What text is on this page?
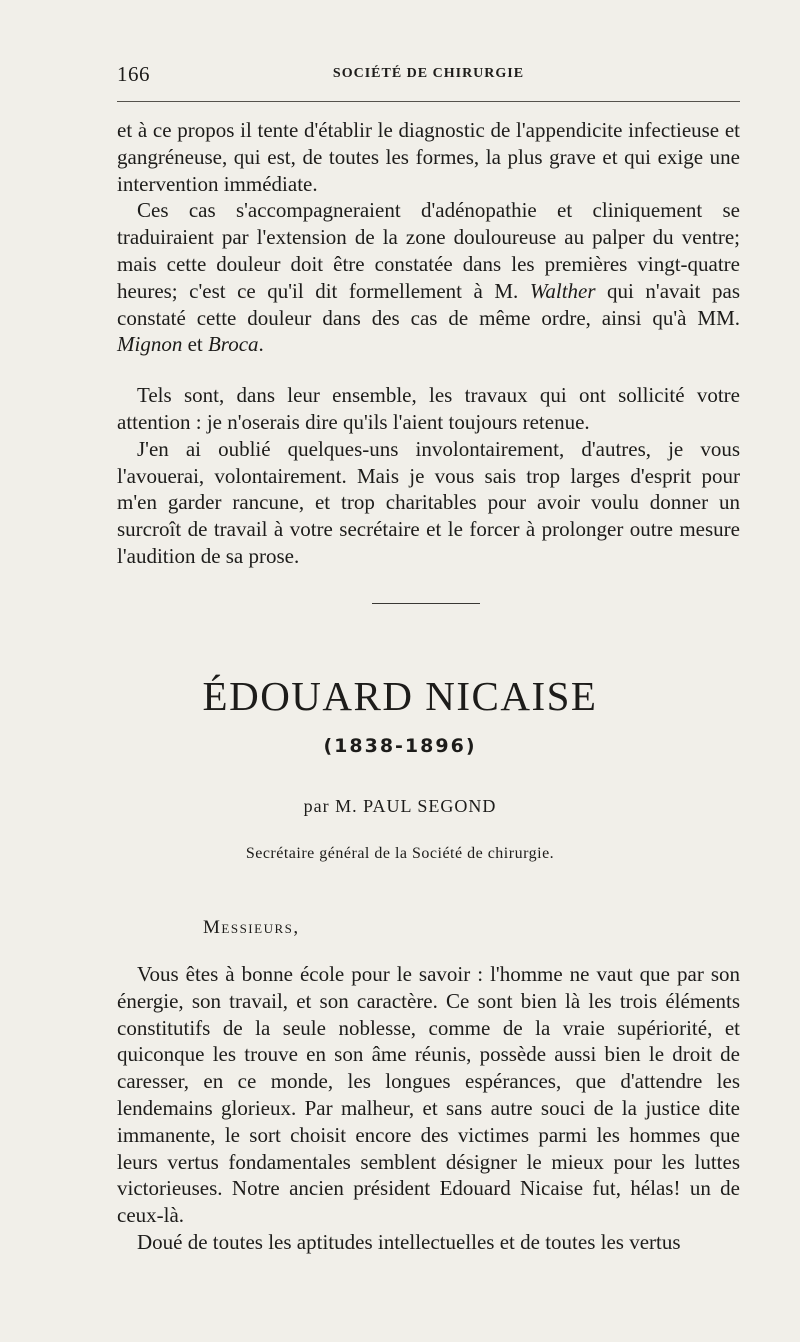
166	SOCIÉTÉ DE CHIRURGIE

et à ce propos il tente d'établir le diagnostic de l'appendicite infectieuse et gangréneuse, qui est, de toutes les formes, la plus grave et qui exige une intervention immédiate.

Ces cas s'accompagneraient d'adénopathie et cliniquement se traduiraient par l'extension de la zone douloureuse au palper du ventre; mais cette douleur doit être constatée dans les premières vingt-quatre heures; c'est ce qu'il dit formellement à M. Walther qui n'avait pas constaté cette douleur dans des cas de même ordre, ainsi qu'à MM. Mignon et Broca.

Tels sont, dans leur ensemble, les travaux qui ont sollicité votre attention : je n'oserais dire qu'ils l'aient toujours retenue.

J'en ai oublié quelques-uns involontairement, d'autres, je vous l'avouerai, volontairement. Mais je vous sais trop larges d'esprit pour m'en garder rancune, et trop charitables pour avoir voulu donner un surcroît de travail à votre secrétaire et le forcer à prolonger outre mesure l'audition de sa prose.

ÉDOUARD NICAISE
(1838-1896)
par M. PAUL SEGOND
Secrétaire général de la Société de chirurgie.
Messieurs,

Vous êtes à bonne école pour le savoir : l'homme ne vaut que par son énergie, son travail, et son caractère. Ce sont bien là les trois éléments constitutifs de la seule noblesse, comme de la vraie supériorité, et quiconque les trouve en son âme réunis, possède aussi bien le droit de caresser, en ce monde, les longues espérances, que d'attendre les lendemains glorieux. Par malheur, et sans autre souci de la justice dite immanente, le sort choisit encore des victimes parmi les hommes que leurs vertus fondamentales semblent désigner le mieux pour les luttes victorieuses. Notre ancien président Edouard Nicaise fut, hélas! un de ceux-là.

Doué de toutes les aptitudes intellectuelles et de toutes les vertus
